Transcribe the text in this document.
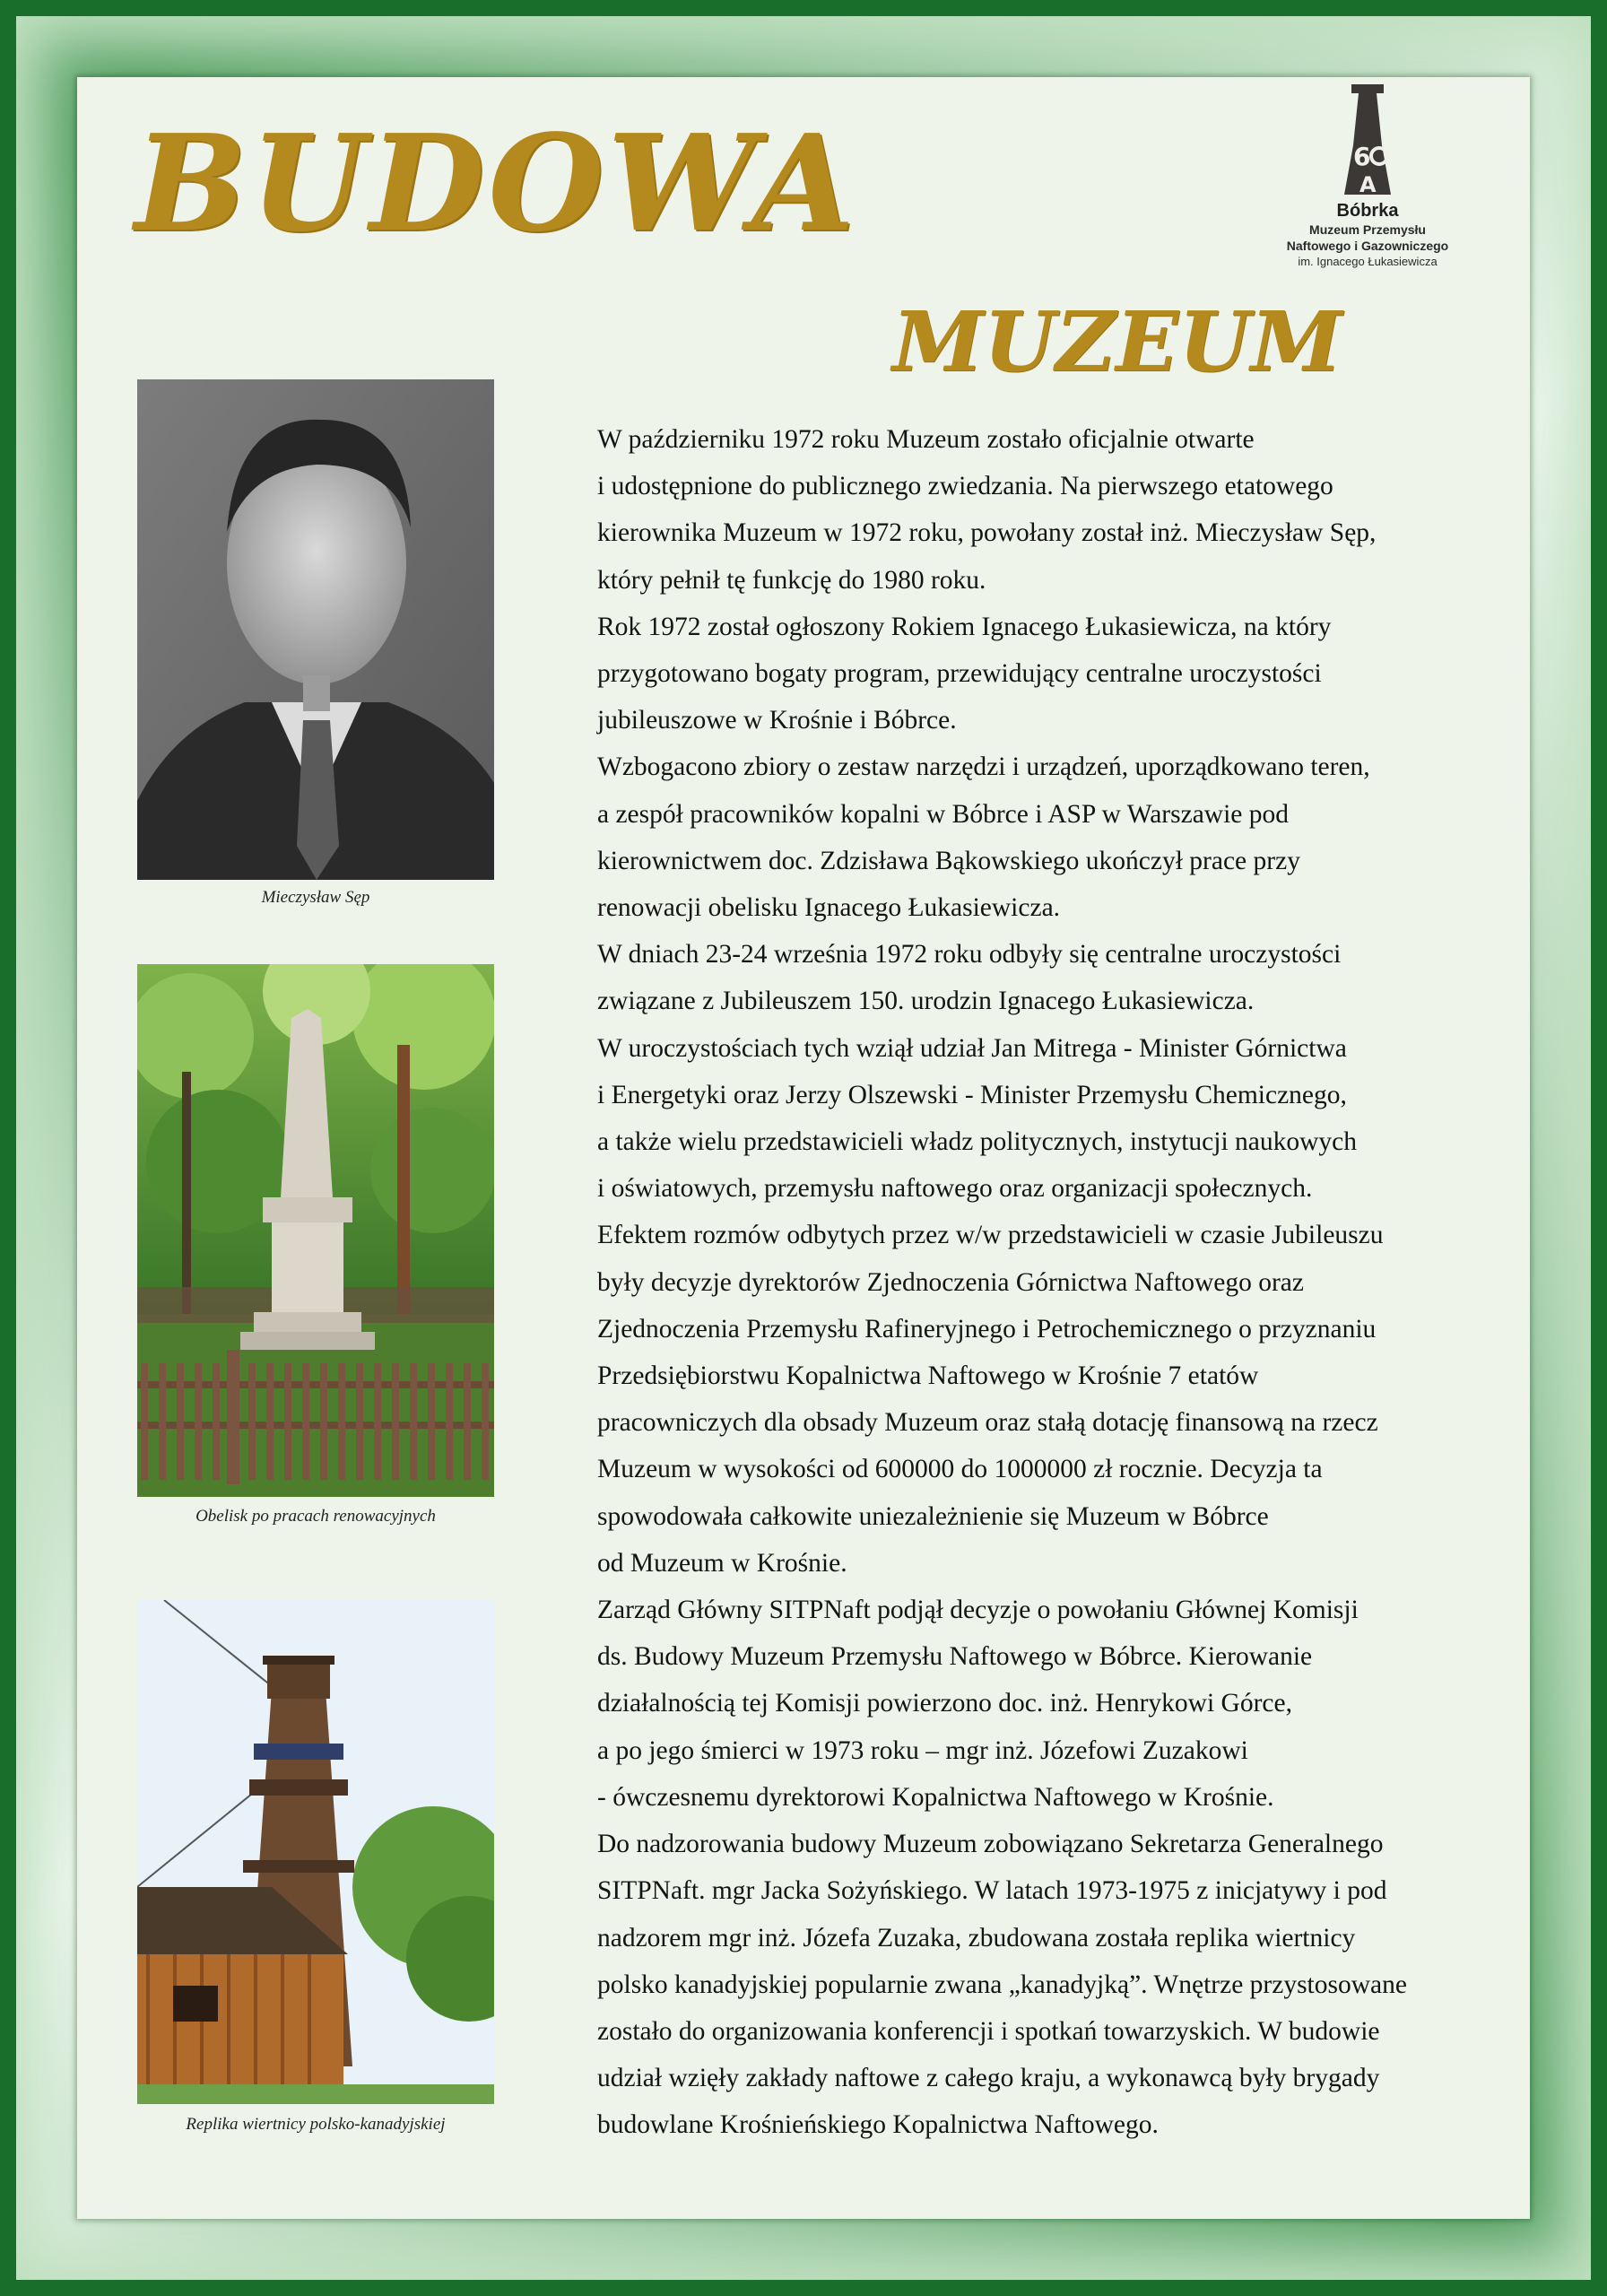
BUDOWA
MUZEUM
6
A
Bóbrka
Muzeum Przemysłu
Naftowego i Gazowniczego
im. Ignacego Łukasiewicza
Mieczysław Sęp
Obelisk po pracach renowacyjnych
Replika wiertnicy polsko-kanadyjskiej
W październiku 1972 roku Muzeum zostało oficjalnie otwarte
i udostępnione do publicznego zwiedzania. Na pierwszego etatowego
kierownika Muzeum w 1972 roku, powołany został inż. Mieczysław Sęp,
który pełnił tę funkcję do 1980 roku.
Rok 1972 został ogłoszony Rokiem Ignacego Łukasiewicza, na który
przygotowano bogaty program, przewidujący centralne uroczystości
jubileuszowe w Krośnie i Bóbrce.
Wzbogacono zbiory o zestaw narzędzi i urządzeń, uporządkowano teren,
a zespół pracowników kopalni w Bóbrce i ASP w Warszawie pod
kierownictwem doc. Zdzisława Bąkowskiego ukończył prace przy
renowacji obelisku Ignacego Łukasiewicza.
W dniach 23-24 września 1972 roku odbyły się centralne uroczystości
związane z Jubileuszem 150. urodzin Ignacego Łukasiewicza.
W uroczystościach tych wziął udział Jan Mitrega - Minister Górnictwa
i Energetyki oraz Jerzy Olszewski - Minister Przemysłu Chemicznego,
a także wielu przedstawicieli władz politycznych, instytucji naukowych
i oświatowych, przemysłu naftowego oraz organizacji społecznych.
Efektem rozmów odbytych przez w/w przedstawicieli w czasie Jubileuszu
były decyzje dyrektorów Zjednoczenia Górnictwa Naftowego oraz
Zjednoczenia Przemysłu Rafineryjnego i Petrochemicznego o przyznaniu
Przedsiębiorstwu Kopalnictwa Naftowego w Krośnie 7 etatów
pracowniczych dla obsady Muzeum oraz stałą dotację finansową na rzecz
Muzeum w wysokości od 600000 do 1000000 zł rocznie. Decyzja ta
spowodowała całkowite uniezależnienie się Muzeum w Bóbrce
od Muzeum w Krośnie.
Zarząd Główny SITPNaft podjął decyzje o powołaniu Głównej Komisji
ds. Budowy Muzeum Przemysłu Naftowego w Bóbrce. Kierowanie
działalnością tej Komisji powierzono doc. inż. Henrykowi Górce,
a po jego śmierci w 1973 roku – mgr inż. Józefowi Zuzakowi
- ówczesnemu dyrektorowi Kopalnictwa Naftowego w Krośnie.
Do nadzorowania budowy Muzeum zobowiązano Sekretarza Generalnego
SITPNaft. mgr Jacka Sożyńskiego. W latach 1973-1975 z inicjatywy i pod
nadzorem mgr inż. Józefa Zuzaka, zbudowana została replika wiertnicy
polsko kanadyjskiej popularnie zwana „kanadyjką”. Wnętrze przystosowane
zostało do organizowania konferencji i spotkań towarzyskich. W budowie
udział wzięły zakłady naftowe z całego kraju, a wykonawcą były brygady
budowlane Krośnieńskiego Kopalnictwa Naftowego.
